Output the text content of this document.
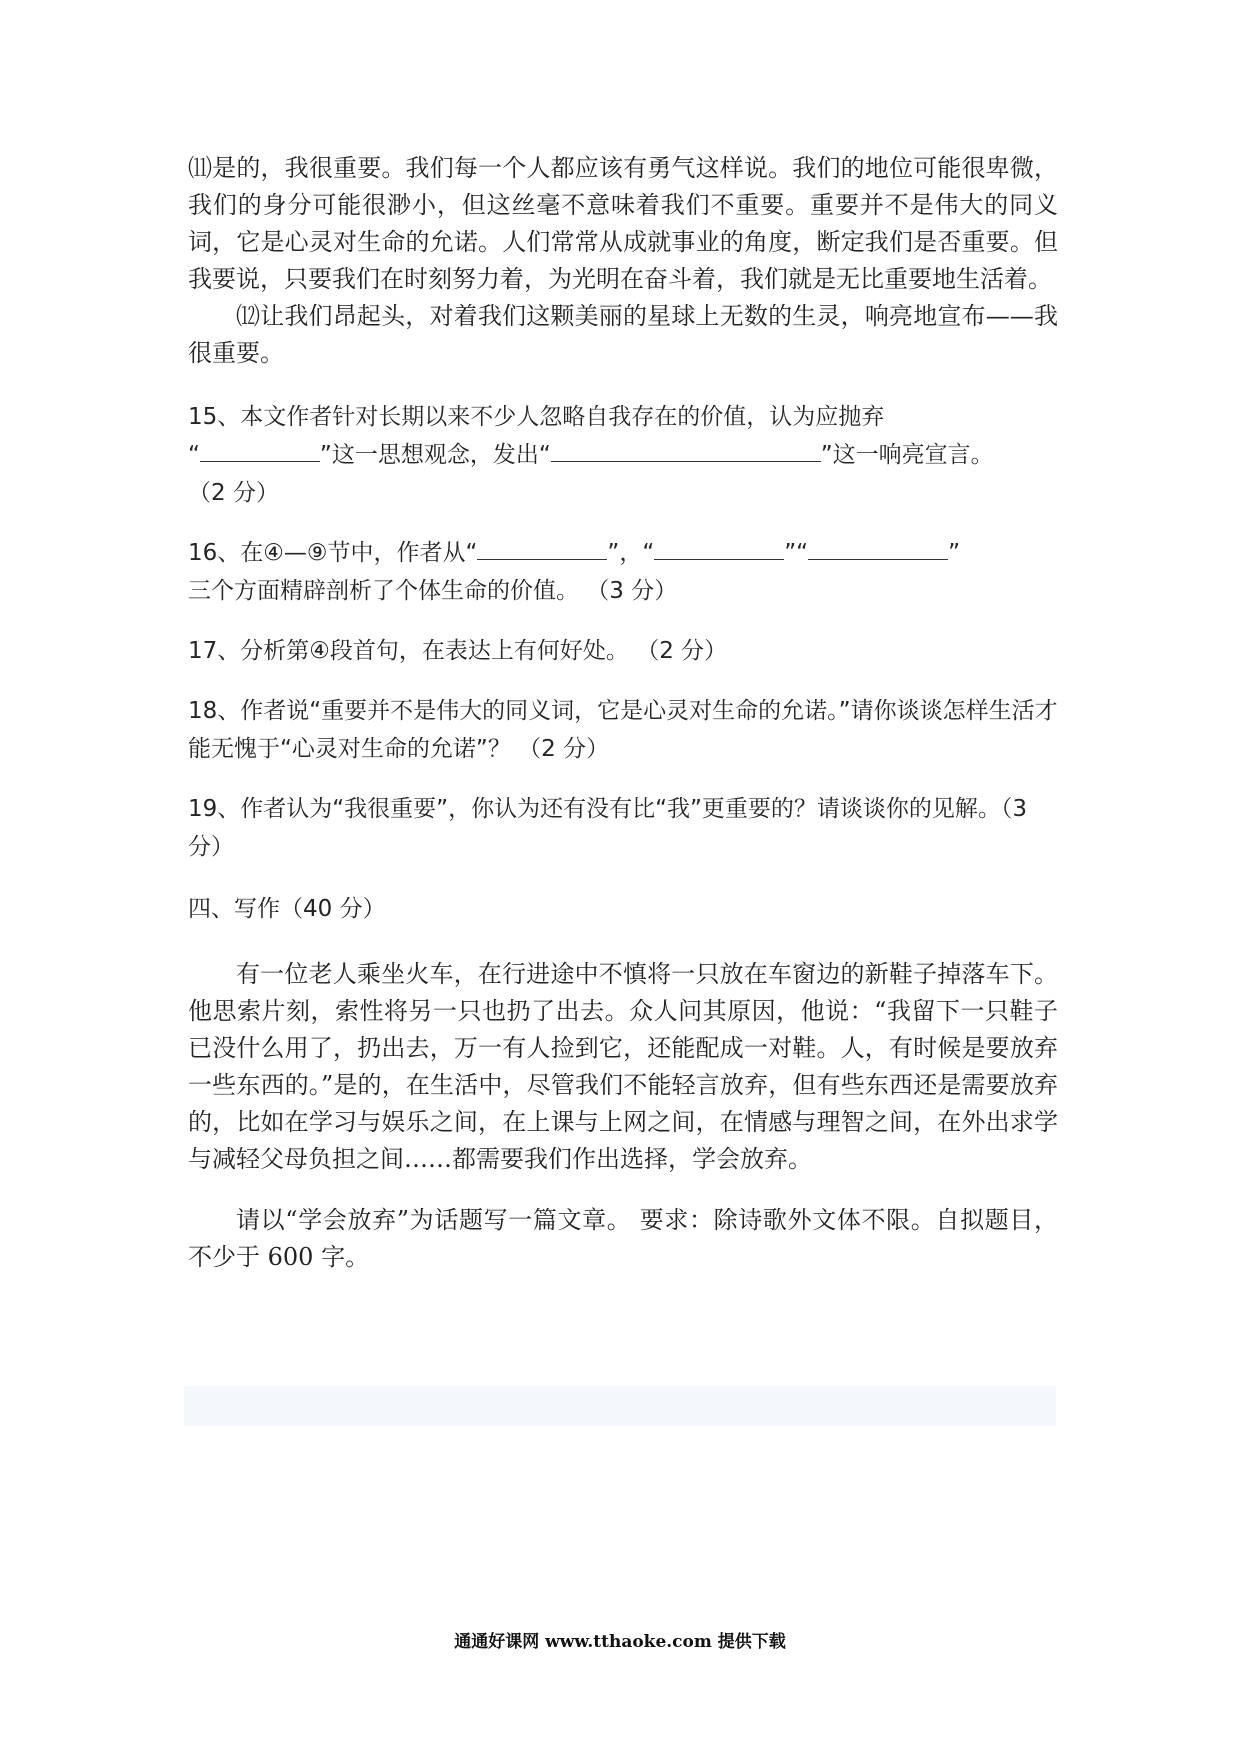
⑾是的，我很重要。我们每一个人都应该有勇气这样说。我们的地位可能很卑微，我们的身分可能很渺小，但这丝毫不意味着我们不重要。重要并不是伟大的同义词，它是心灵对生命的允诺。人们常常从成就事业的角度，断定我们是否重要。但我要说，只要我们在时刻努力着，为光明在奋斗着，我们就是无比重要地生活着。

⑿让我们昂起头，对着我们这颗美丽的星球上无数的生灵，响亮地宣布——我很重要。

15、本文作者针对长期以来不少人忽略自我存在的价值，认为应抛弃

“	”这一思想观念，发出“	”这一响亮宣言。

（2 分）

16、在④—⑨节中，作者从“	”，“	”“	”

三个方面精辟剖析了个体生命的价值。 （3 分）

17、分析第④段首句，在表达上有何好处。 （2 分）

18、作者说“重要并不是伟大的同义词，它是心灵对生命的允诺。”请你谈谈怎样生活才能无愧于“心灵对生命的允诺”？ （2 分）

19、作者认为“我很重要”，你认为还有没有比“我”更重要的？请谈谈你的见解。（3 分）

四、写作（40 分）

有一位老人乘坐火车，在行进途中不慎将一只放在车窗边的新鞋子掉落车下。他思索片刻，索性将另一只也扔了出去。众人问其原因，他说：“我留下一只鞋子已没什么用了，扔出去，万一有人捡到它，还能配成一对鞋。人，有时候是要放弃一些东西的。”是的，在生活中，尽管我们不能轻言放弃，但有些东西还是需要放弃的，比如在学习与娱乐之间，在上课与上网之间，在情感与理智之间，在外出求学与减轻父母负担之间……都需要我们作出选择，学会放弃。

请以“学会放弃”为话题写一篇文章。 要求：除诗歌外文体不限。自拟题目，不少于 600 字。

通通好课网 www.tthaoke.com 提供下载
